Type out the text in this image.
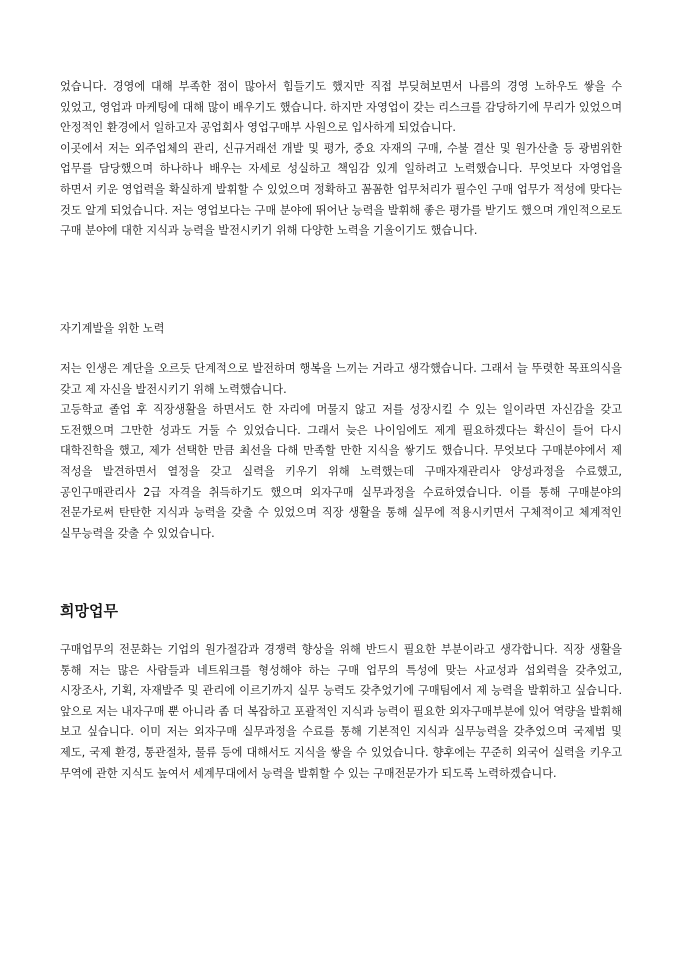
었습니다. 경영에 대해 부족한 점이 많아서 힘들기도 했지만 직접 부딪혀보면서 나름의 경영 노하우도 쌓을 수 있었고, 영업과 마케팅에 대해 많이 배우기도 했습니다. 하지만 자영업이 갖는 리스크를 감당하기에 무리가 있었으며 안정적인 환경에서 일하고자 공업회사 영업구매부 사원으로 입사하게 되었습니다.

이곳에서 저는 외주업체의 관리, 신규거래선 개발 및 평가, 중요 자재의 구매, 수불 결산 및 원가산출 등 광범위한 업무를 담당했으며 하나하나 배우는 자세로 성실하고 책임감 있게 일하려고 노력했습니다. 무엇보다 자영업을 하면서 키운 영업력을 확실하게 발휘할 수 있었으며 정확하고 꼼꼼한 업무처리가 필수인 구매 업무가 적성에 맞다는 것도 알게 되었습니다. 저는 영업보다는 구매 분야에 뛰어난 능력을 발휘해 좋은 평가를 받기도 했으며 개인적으로도 구매 분야에 대한 지식과 능력을 발전시키기 위해 다양한 노력을 기울이기도 했습니다.

자기계발을 위한 노력

저는 인생은 계단을 오르듯 단계적으로 발전하며 행복을 느끼는 거라고 생각했습니다. 그래서 늘 뚜렷한 목표의식을 갖고 제 자신을 발전시키기 위해 노력했습니다.

고등학교 졸업 후 직장생활을 하면서도 한 자리에 머물지 않고 저를 성장시킬 수 있는 일이라면 자신감을 갖고 도전했으며 그만한 성과도 거둘 수 있었습니다. 그래서 늦은 나이임에도 제게 필요하겠다는 확신이 들어 다시 대학진학을 했고, 제가 선택한 만큼 최선을 다해 만족할 만한 지식을 쌓기도 했습니다. 무엇보다 구매분야에서 제 적성을 발견하면서 열정을 갖고 실력을 키우기 위해 노력했는데 구매자재관리사 양성과정을 수료했고, 공인구매관리사 2급 자격을 취득하기도 했으며 외자구매 실무과정을 수료하였습니다. 이를 통해 구매분야의 전문가로써 탄탄한 지식과 능력을 갖출 수 있었으며 직장 생활을 통해 실무에 적용시키면서 구체적이고 체계적인 실무능력을 갖출 수 있었습니다.

희망업무

구매업무의 전문화는 기업의 원가절감과 경쟁력 향상을 위해 반드시 필요한 부분이라고 생각합니다. 직장 생활을 통해 저는 많은 사람들과 네트워크를 형성해야 하는 구매 업무의 특성에 맞는 사교성과 섭외력을 갖추었고, 시장조사, 기획, 자재발주 및 관리에 이르기까지 실무 능력도 갖추었기에 구매팀에서 제 능력을 발휘하고 싶습니다. 앞으로 저는 내자구매 뿐 아니라 좀 더 복잡하고 포괄적인 지식과 능력이 필요한 외자구매부분에 있어 역량을 발휘해 보고 싶습니다. 이미 저는 외자구매 실무과정을 수료를 통해 기본적인 지식과 실무능력을 갖추었으며 국제법 및 제도, 국제 환경, 통관절차, 물류 등에 대해서도 지식을 쌓을 수 있었습니다. 향후에는 꾸준히 외국어 실력을 키우고 무역에 관한 지식도 높여서 세계무대에서 능력을 발휘할 수 있는 구매전문가가 되도록 노력하겠습니다.
